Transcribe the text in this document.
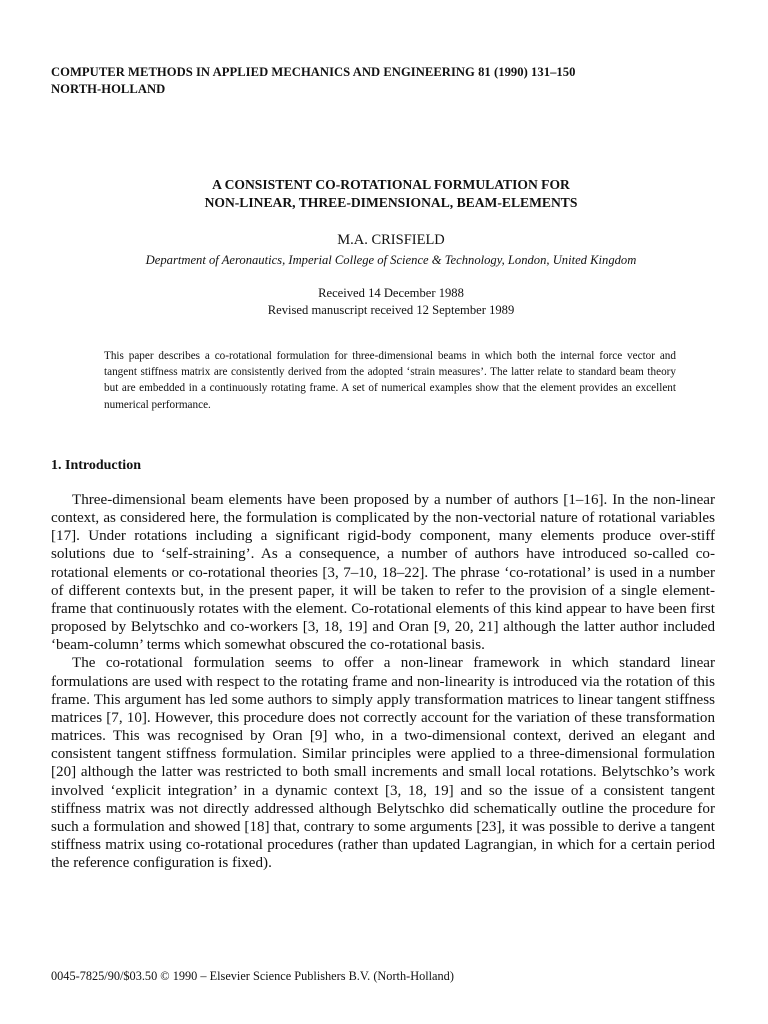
COMPUTER METHODS IN APPLIED MECHANICS AND ENGINEERING 81 (1990) 131–150
NORTH-HOLLAND
A CONSISTENT CO-ROTATIONAL FORMULATION FOR
NON-LINEAR, THREE-DIMENSIONAL, BEAM-ELEMENTS
M.A. CRISFIELD
Department of Aeronautics, Imperial College of Science & Technology, London, United Kingdom
Received 14 December 1988
Revised manuscript received 12 September 1989
This paper describes a co-rotational formulation for three-dimensional beams in which both the internal force vector and tangent stiffness matrix are consistently derived from the adopted ‘strain measures’. The latter relate to standard beam theory but are embedded in a continuously rotating frame. A set of numerical examples show that the element provides an excellent numerical performance.
1. Introduction

Three-dimensional beam elements have been proposed by a number of authors [1–16]. In the non-linear context, as considered here, the formulation is complicated by the non-vectorial nature of rotational variables [17]. Under rotations including a significant rigid-body component, many elements produce over-stiff solutions due to ‘self-straining’. As a consequence, a number of authors have introduced so-called co-rotational elements or co-rotational theories [3, 7–10, 18–22]. The phrase ‘co-rotational’ is used in a number of different contexts but, in the present paper, it will be taken to refer to the provision of a single element-frame that continuously rotates with the element. Co-rotational elements of this kind appear to have been first proposed by Belytschko and co-workers [3, 18, 19] and Oran [9, 20, 21] although the latter author included ‘beam-column’ terms which somewhat obscured the co-rotational basis.

The co-rotational formulation seems to offer a non-linear framework in which standard linear formulations are used with respect to the rotating frame and non-linearity is introduced via the rotation of this frame. This argument has led some authors to simply apply transformation matrices to linear tangent stiffness matrices [7, 10]. However, this procedure does not correctly account for the variation of these transformation matrices. This was recognised by Oran [9] who, in a two-dimensional context, derived an elegant and consistent tangent stiffness formulation. Similar principles were applied to a three-dimensional formulation [20] although the latter was restricted to both small increments and small local rotations. Belytschko’s work involved ‘explicit integration’ in a dynamic context [3, 18, 19] and so the issue of a consistent tangent stiffness matrix was not directly addressed although Belytschko did schematically outline the procedure for such a formulation and showed [18] that, contrary to some arguments [23], it was possible to derive a tangent stiffness matrix using co-rotational procedures (rather than updated Lagrangian, in which for a certain period the reference configuration is fixed).

0045-7825/90/$03.50 © 1990 – Elsevier Science Publishers B.V. (North-Holland)
